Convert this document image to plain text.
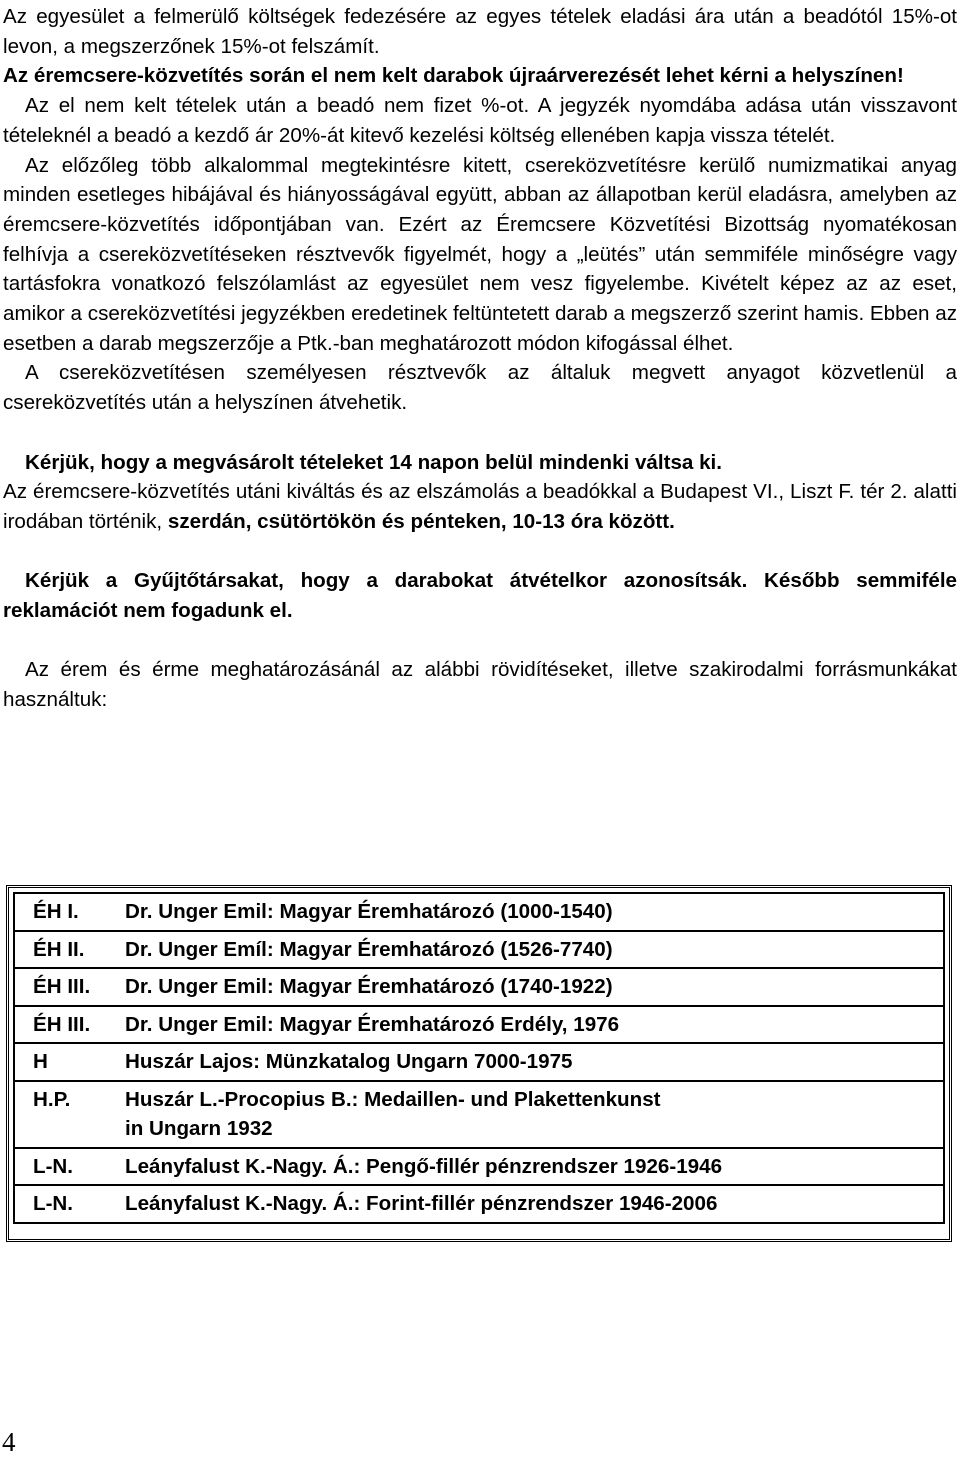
Az egyesület a felmerülő költségek fedezésére az egyes tételek eladási ára után a beadótól 15%-ot levon, a megszerzőnek 15%-ot felszámít.

Az éremcsere-közvetítés során el nem kelt darabok újraárverezését lehet kérni a helyszínen!

Az el nem kelt tételek után a beadó nem fizet %-ot. A jegyzék nyomdába adása után visszavont tételeknél a beadó a kezdő ár 20%-át kitevő kezelési költség ellenében kapja vissza tételét.

Az előzőleg több alkalommal megtekintésre kitett, csereközvetítésre kerülő numizmatikai anyag minden esetleges hibájával és hiányosságával együtt, abban az állapotban kerül eladásra, amelyben az éremcsere-közvetítés időpontjában van. Ezért az Éremcsere Közvetítési Bizottság nyomatékosan felhívja a csereközvetítéseken résztvevők figyelmét, hogy a „leütés” után semmiféle minőségre vagy tartásfokra vonatkozó felszólamlást az egyesület nem vesz figyelembe. Kivételt képez az az eset, amikor a csereközvetítési jegyzékben eredetinek feltüntetett darab a megszerző szerint hamis. Ebben az esetben a darab megszerzője a Ptk.-ban meghatározott módon kifogással élhet.

A csereközvetítésen személyesen résztvevők az általuk megvett anyagot közvetlenül a csereközvetítés után a helyszínen átvehetik.

Kérjük, hogy a megvásárolt tételeket 14 napon belül mindenki váltsa ki.

Az éremcsere-közvetítés utáni kiváltás és az elszámolás a beadókkal a Budapest VI., Liszt F. tér 2. alatti irodában történik, szerdán, csütörtökön és pénteken, 10-13 óra között.

Kérjük a Gyűjtőtársakat, hogy a darabokat átvételkor azonosítsák. Később semmiféle reklamációt nem fogadunk el.

Az érem és érme meghatározásánál az alábbi rövidítéseket, illetve szakirodalmi forrásmunkákat használtuk:

ÉH I.	Dr. Unger Emil: Magyar Éremhatározó (1000-1540)
ÉH II.	Dr. Unger Emíl: Magyar Éremhatározó (1526-7740)
ÉH III.	Dr. Unger Emil: Magyar Éremhatározó (1740-1922)
ÉH III.	Dr. Unger Emil: Magyar Éremhatározó Erdély, 1976
H	Huszár Lajos: Münzkatalog Ungarn 7000-1975
H.P.	Huszár L.-Procopius B.: Medaillen- und Plakettenkunst
in Ungarn 1932
L-N.	Leányfalust K.-Nagy. Á.: Pengő-fillér pénzrendszer 1926-1946
L-N.	Leányfalust K.-Nagy. Á.: Forint-fillér pénzrendszer 1946-2006
4
